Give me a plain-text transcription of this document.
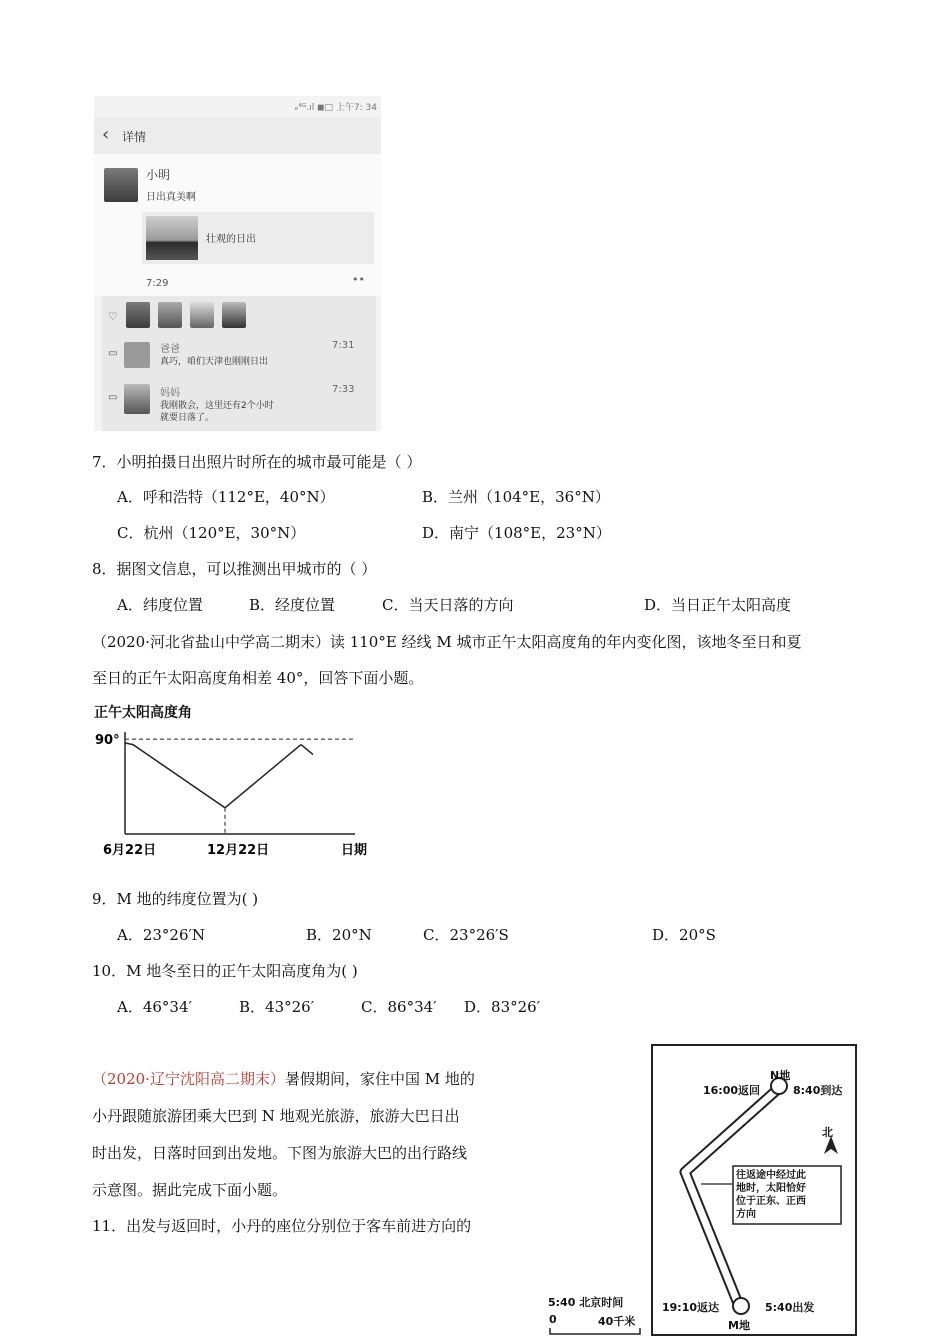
ₑ⁴ᴳ.ıl ◼□ 上午7: 34
‹ 详情
小明
日出真美啊
壮观的日出
7:29	••
♡
▭	爸爸
真巧，咱们天津也刚刚日出
7:31
▭	妈妈
我刚散会，这里还有2个小时
就要日落了。
7:33
7．小明拍摄日出照片时所在的城市最可能是（ ）
A．呼和浩特（112°E，40°N）	B．兰州（104°E，36°N）
C．杭州（120°E，30°N）	D．南宁（108°E，23°N）
8．据图文信息，可以推测出甲城市的（ ）
A．纬度位置	B．经度位置	C．当天日落的方向	D．当日正午太阳高度
（2020·河北省盐山中学高二期末）读 110°E 经线 M 城市正午太阳高度角的年内变化图，该地冬至日和夏
至日的正午太阳高度角相差 40°，回答下面小题。
正午太阳高度角
90°
6月22日	12月22日	日期
9．M 地的纬度位置为( )
A．23°26′N	B．20°N	C．23°26′S	D．20°S
10．M 地冬至日的正午太阳高度角为( )
A．46°34′	B．43°26′	C．86°34′ D．83°26′
（2020·辽宁沈阳高二期末）暑假期间，家住中国 M 地的
小丹跟随旅游团乘大巴到 N 地观光旅游，旅游大巴日出
时出发，日落时回到出发地。下图为旅游大巴的出行路线
示意图。据此完成下面小题。
11．出发与返回时，小丹的座位分别位于客车前进方向的
N地
16:00返回	8:40到达
北
往返途中经过此
地时，太阳恰好
位于正东、正西
方向
19:10返达	5:40出发
M地
5:40 北京时间
0	40千米
